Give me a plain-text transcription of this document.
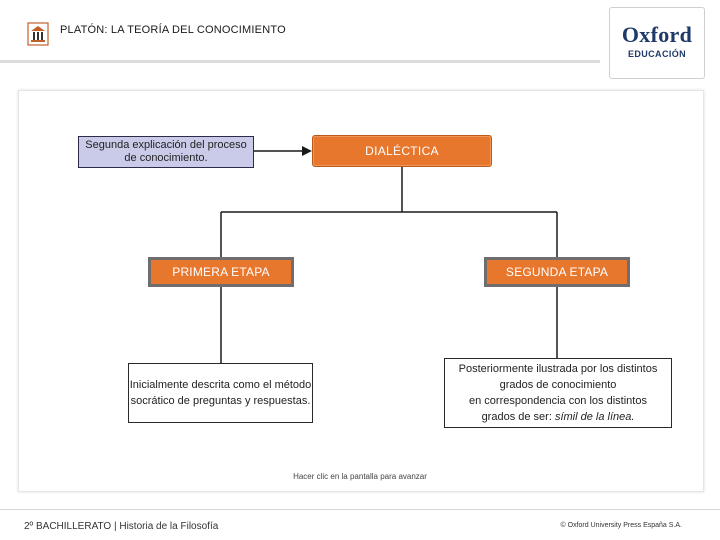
PLATÓN: LA TEORÍA DEL CONOCIMIENTO	Oxford
EDUCACIÓN
Segunda explicación del proceso de conocimiento.	DIALÉCTICA
PRIMERA ETAPA	SEGUNDA ETAPA
Inicialmente descrita como el método socrático de preguntas y respuestas.
Posteriormente ilustrada por los distintos
grados de conocimiento
en correspondencia con los distintos
grados de ser: símil de la línea.
Hacer clic en la pantalla para avanzar
2º BACHILLERATO | Historia de la Filosofía	© Oxford University Press España S.A.
